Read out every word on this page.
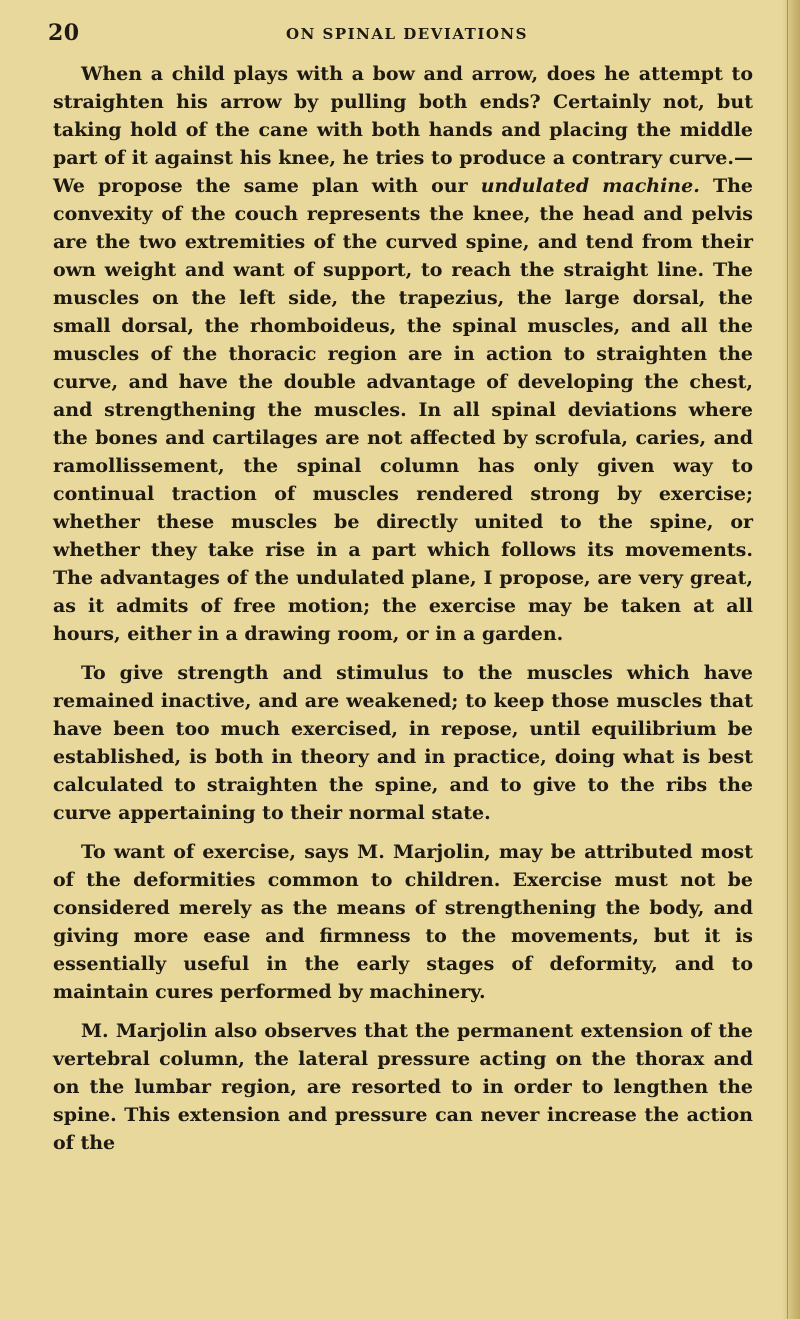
20	ON SPINAL DEVIATIONS

When a child plays with a bow and arrow, does he attempt to straighten his arrow by pulling both ends? Certainly not, but taking hold of the cane with both hands and placing the middle part of it against his knee, he tries to produce a contrary curve.— We propose the same plan with our undulated machine. The convexity of the couch represents the knee, the head and pelvis are the two extremities of the curved spine, and tend from their own weight and want of support, to reach the straight line. The muscles on the left side, the trapezius, the large dorsal, the small dorsal, the rhomboideus, the spinal muscles, and all the muscles of the thoracic region are in action to straighten the curve, and have the double advantage of developing the chest, and strengthening the muscles. In all spinal deviations where the bones and cartilages are not affected by scrofula, caries, and ramollissement, the spinal column has only given way to continual traction of muscles rendered strong by exercise; whether these muscles be directly united to the spine, or whether they take rise in a part which follows its movements. The advantages of the undulated plane, I propose, are very great, as it admits of free motion; the exercise may be taken at all hours, either in a drawing room, or in a garden.

To give strength and stimulus to the muscles which have remained inactive, and are weakened; to keep those muscles that have been too much exercised, in repose, until equilibrium be established, is both in theory and in practice, doing what is best calculated to straighten the spine, and to give to the ribs the curve appertaining to their normal state.

To want of exercise, says M. Marjolin, may be attributed most of the deformities common to children. Exercise must not be considered merely as the means of strengthening the body, and giving more ease and firmness to the movements, but it is essentially useful in the early stages of deformity, and to maintain cures performed by machinery.

M. Marjolin also observes that the permanent extension of the vertebral column, the lateral pressure acting on the thorax and on the lumbar region, are resorted to in order to lengthen the spine. This extension and pressure can never increase the action of the
